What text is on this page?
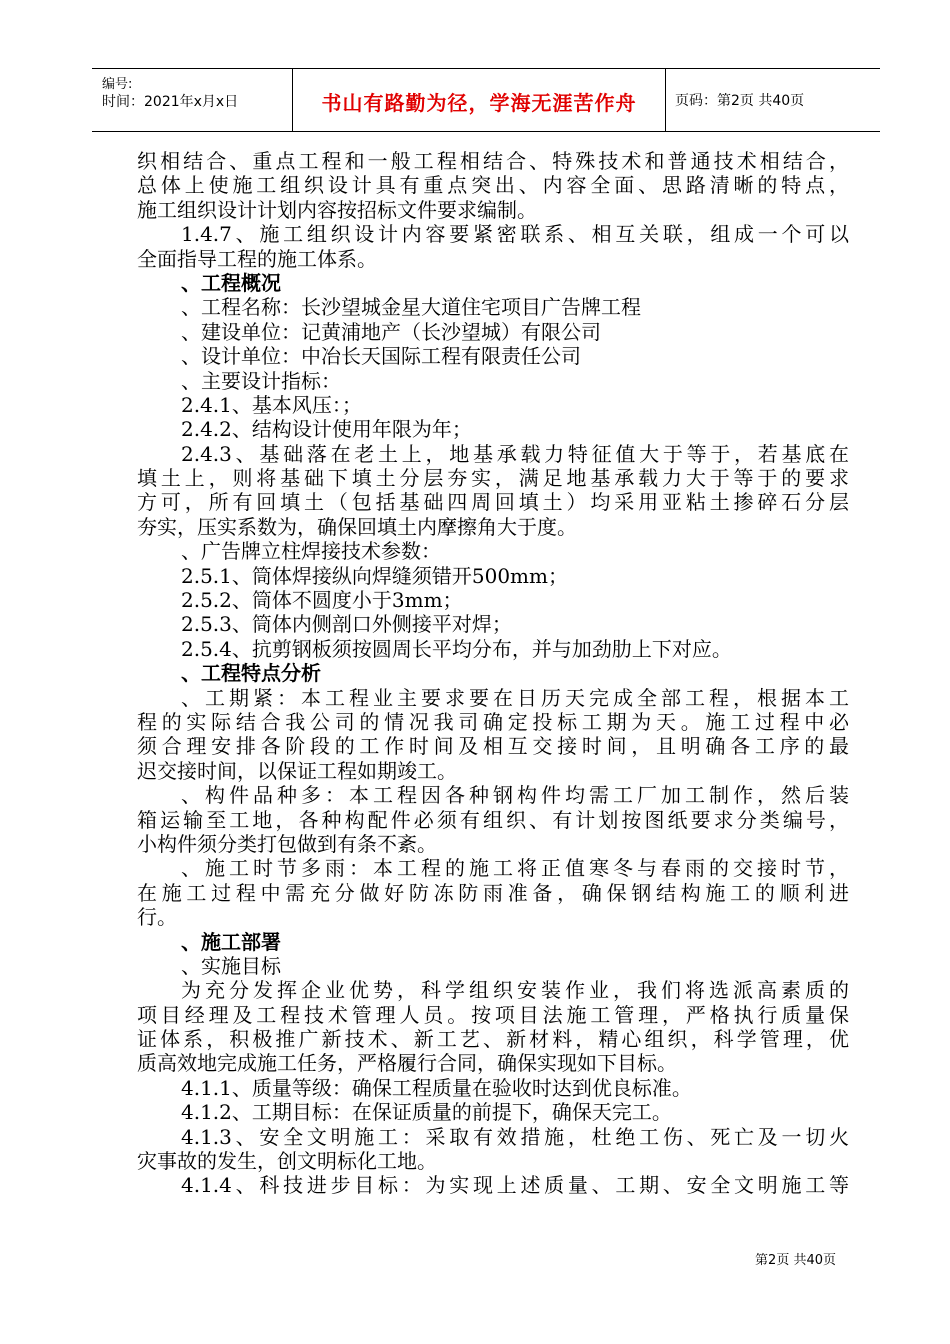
编号:
时间：2021年x月x日	书山有路勤为径，学海无涯苦作舟	页码：第2页 共40页
织相结合、重点工程和一般工程相结合、特殊技术和普通技术相结合，
总体上使施工组织设计具有重点突出、内容全面、思路清晰的特点，
施工组织设计计划内容按招标文件要求编制。
1.4.7、施工组织设计内容要紧密联系、相互关联，组成一个可以
全面指导工程的施工体系。
、工程概况
、工程名称：长沙望城金星大道住宅项目广告牌工程
、建设单位：记黄浦地产（长沙望城）有限公司
、设计单位：中冶长天国际工程有限责任公司
、主要设计指标：
2.4.1、基本风压：；
2.4.2、结构设计使用年限为年；
2.4.3、基础落在老土上，地基承载力特征值大于等于，若基底在
填土上，则将基础下填土分层夯实，满足地基承载力大于等于的要求
方可，所有回填土（包括基础四周回填土）均采用亚粘土掺碎石分层
夯实，压实系数为，确保回填土内摩擦角大于度。
、广告牌立柱焊接技术参数：
2.5.1、筒体焊接纵向焊缝须错开500mm；
2.5.2、筒体不圆度小于3mm；
2.5.3、筒体内侧剖口外侧接平对焊；
2.5.4、抗剪钢板须按圆周长平均分布，并与加劲肋上下对应。
、工程特点分析
、工期紧：本工程业主要求要在日历天完成全部工程，根据本工
程的实际结合我公司的情况我司确定投标工期为天。施工过程中必
须合理安排各阶段的工作时间及相互交接时间，且明确各工序的最
迟交接时间，以保证工程如期竣工。
、构件品种多：本工程因各种钢构件均需工厂加工制作，然后装
箱运输至工地，各种构配件必须有组织、有计划按图纸要求分类编号，
小构件须分类打包做到有条不紊。
、施工时节多雨：本工程的施工将正值寒冬与春雨的交接时节，
在施工过程中需充分做好防冻防雨准备，确保钢结构施工的顺利进
行。
、施工部署
、实施目标
为充分发挥企业优势，科学组织安装作业，我们将选派高素质的
项目经理及工程技术管理人员。按项目法施工管理，严格执行质量保
证体系，积极推广新技术、新工艺、新材料，精心组织，科学管理，优
质高效地完成施工任务，严格履行合同，确保实现如下目标。
4.1.1、质量等级：确保工程质量在验收时达到优良标准。
4.1.2、工期目标：在保证质量的前提下，确保天完工。
4.1.3、安全文明施工：采取有效措施，杜绝工伤、死亡及一切火
灾事故的发生，创文明标化工地。
4.1.4、科技进步目标：为实现上述质量、工期、安全文明施工等
第2页 共40页
